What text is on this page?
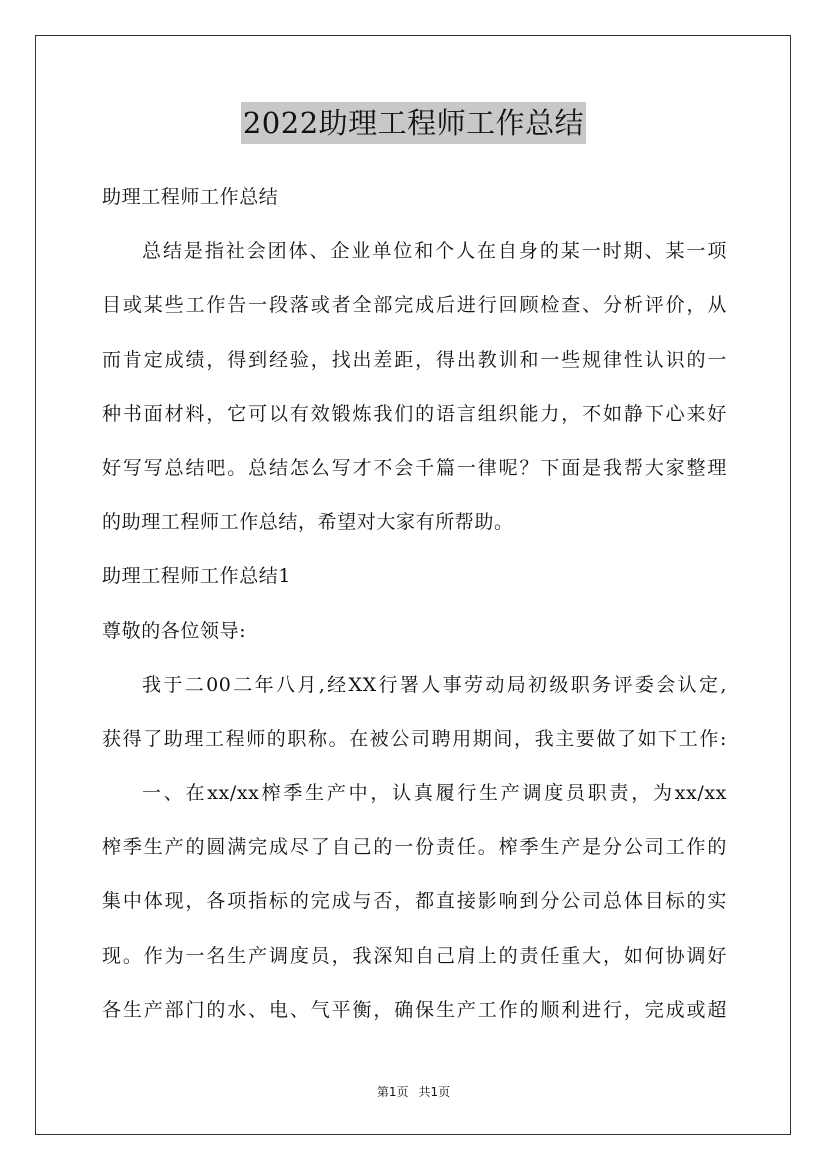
2022助理工程师工作总结
助理工程师工作总结
总结是指社会团体、企业单位和个人在自身的某一时期、某一项
目或某些工作告一段落或者全部完成后进行回顾检查、分析评价，从
而肯定成绩，得到经验，找出差距，得出教训和一些规律性认识的一
种书面材料，它可以有效锻炼我们的语言组织能力，不如静下心来好
好写写总结吧。总结怎么写才不会千篇一律呢？下面是我帮大家整理
的助理工程师工作总结，希望对大家有所帮助。
助理工程师工作总结1
尊敬的各位领导:
我于二00二年八月,经XX行署人事劳动局初级职务评委会认定,
获得了助理工程师的职称。在被公司聘用期间，我主要做了如下工作:
一、在xx/xx榨季生产中，认真履行生产调度员职责，为xx/xx
榨季生产的圆满完成尽了自己的一份责任。榨季生产是分公司工作的
集中体现，各项指标的完成与否，都直接影响到分公司总体目标的实
现。作为一名生产调度员，我深知自己肩上的责任重大，如何协调好
各生产部门的水、电、气平衡，确保生产工作的顺利进行，完成或超
第1页 共1页
